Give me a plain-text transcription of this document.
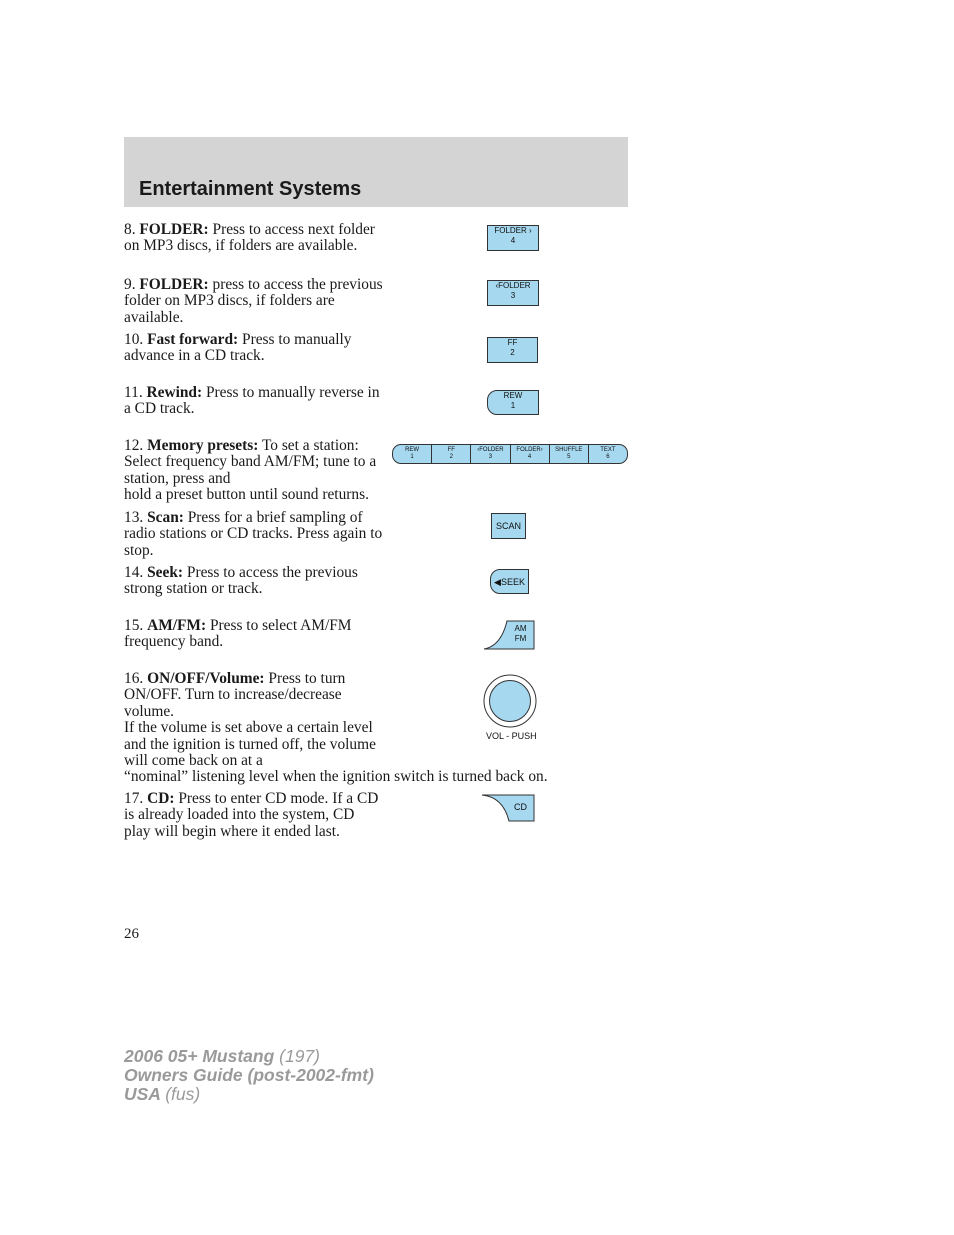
Entertainment Systems
8. FOLDER: Press to access next folder on MP3 discs, if folders are available.
FOLDER ›
4
9. FOLDER: press to access the previous folder on MP3 discs, if folders are available.
‹FOLDER
3
10. Fast forward: Press to manually advance in a CD track.
FF
2
11. Rewind: Press to manually reverse in a CD track.
REW
1
12. Memory presets: To set a station: Select frequency band AM/FM; tune to a station, press and
hold a preset button until sound returns.
REW
1
FF
2
‹FOLDER
3
FOLDER›
4
SHUFFLE
5
TEXT
6
13. Scan: Press for a brief sampling of radio stations or CD tracks. Press again to stop.
SCAN
14. Seek: Press to access the previous strong station or track.	◀SEEK
15. AM/FM: Press to select AM/FM frequency band.
AM
FM
16. ON/OFF/Volume: Press to turn ON/OFF. Turn to increase/decrease volume.
If the volume is set above a certain level and the ignition is turned off, the volume will come back on at a
“nominal” listening level when the ignition switch is turned back on.
VOL - PUSH
17. CD: Press to enter CD mode. If a CD is already loaded into the system, CD play will begin where it ended last.
CD
26
2006 05+ Mustang (197)
Owners Guide (post-2002-fmt)
USA (fus)
